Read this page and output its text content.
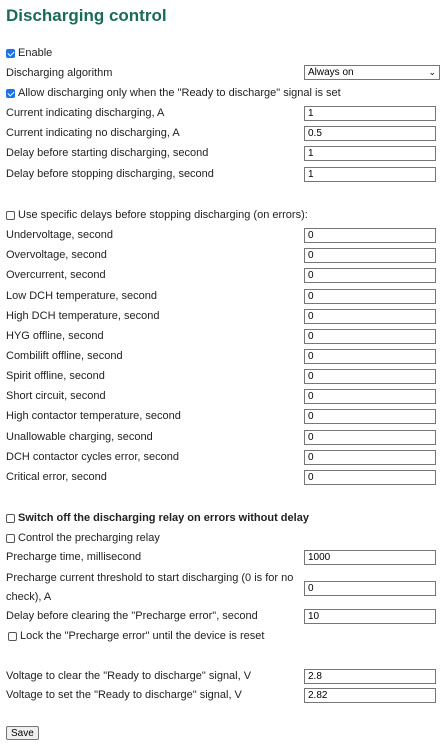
Discharging control
Enable
Discharging algorithm	Always on	⌄
Allow discharging only when the "Ready to discharge" signal is set
Current indicating discharging, A
1
Current indicating no discharging, A
0.5
Delay before starting discharging, second
1
Delay before stopping discharging, second
1
Use specific delays before stopping discharging (on errors):
Undervoltage, second
0
Overvoltage, second
0
Overcurrent, second
0
Low DCH temperature, second
0
High DCH temperature, second
0
HYG offline, second
0
Combilift offline, second
0
Spirit offline, second
0
Short circuit, second
0
High contactor temperature, second
0
Unallowable charging, second
0
DCH contactor cycles error, second
0
Critical error, second
0
Switch off the discharging relay on errors without delay
Control the precharging relay
Precharge time, millisecond
1000
Precharge current threshold to start discharging (0 is for no check), A
0
Delay before clearing the "Precharge error", second
10
Lock the "Precharge error" until the device is reset
Voltage to clear the "Ready to discharge" signal, V
2.8
Voltage to set the "Ready to discharge" signal, V
2.82
Save
